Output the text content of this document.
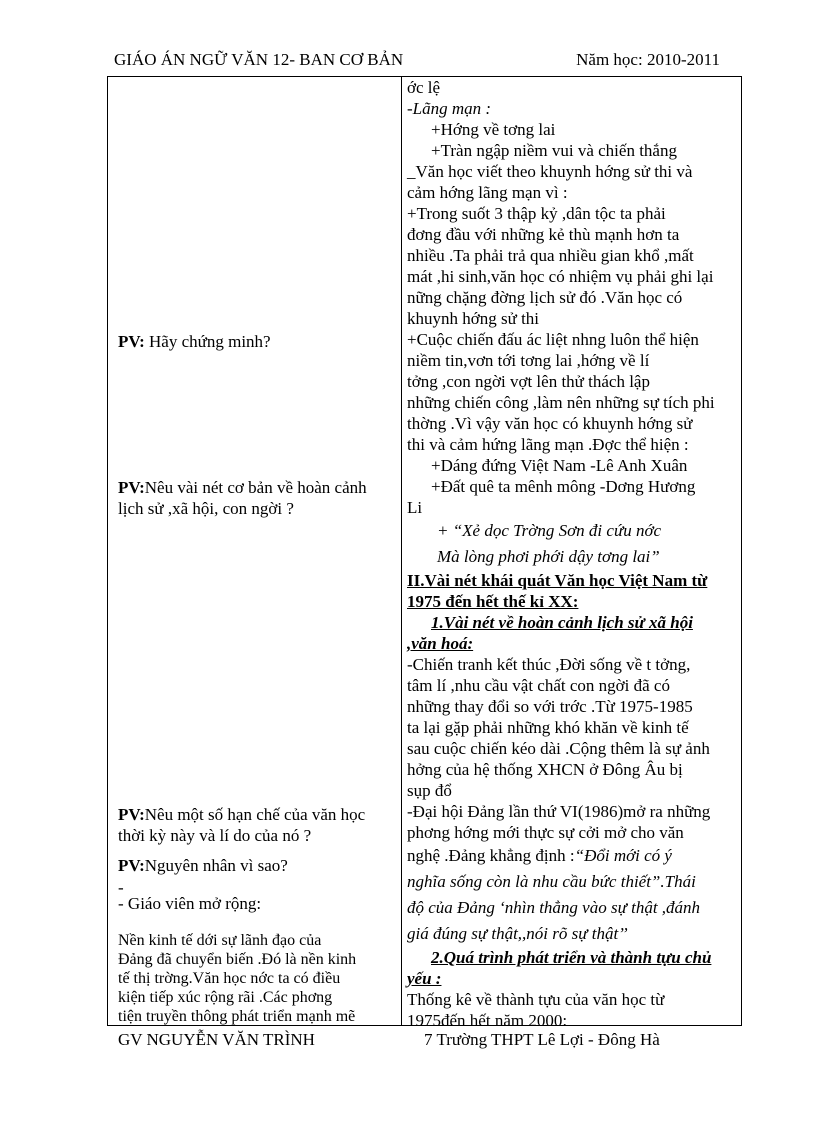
GIÁO ÁN NGỮ VĂN 12- BAN CƠ BẢN	Năm học: 2010-2011
PV: Hãy chứng minh?
PV:Nêu vài nét cơ bản về hoàn cảnh
lịch sử ,xã hội, con ngời ?
PV:Nêu một số hạn chế của văn học
thời kỳ này và lí do của nó ?
PV:Nguyên nhân vì sao?
-
- Giáo viên mở rộng:
Nền kinh tế dới sự lãnh đạo của
Đảng đã chuyển biến .Đó là nền kinh
tế thị trờng.Văn học nớc ta có điều
kiện tiếp xúc rộng rãi .Các phơng
tiện truyền thông phát triển mạnh mẽ
ớc lệ
-Lãng mạn :
+Hớng về tơng lai
+Tràn ngập niềm vui và chiến thắng
_Văn học viết theo khuynh hớng sử thi và
cảm hớng lãng mạn vì :
+Trong suốt 3 thập kỷ ,dân tộc ta phải
đơng đầu với những kẻ thù mạnh hơn ta
nhiều .Ta phải trả qua nhiều gian khổ ,mất
mát ,hi sinh,văn học có nhiệm vụ phải ghi lại
nững chặng đờng lịch sử đó .Văn học có
khuynh hớng sử thi
+Cuộc chiến đấu ác liệt nhng luôn thể hiện
niềm tin,vơn tới tơng lai ,hớng về lí
tởng ,con ngời vợt lên thử thách lập
những chiến công ,làm nên những sự tích phi
thờng .Vì vậy văn học có khuynh hớng sử
thi và cảm hứng lãng mạn .Đợc thể hiện :
+Dáng đứng Việt Nam -Lê Anh Xuân
+Đất quê ta mênh mông -Dơng Hương
Li
+ “Xẻ dọc Trờng Sơn đi cứu nớc
Mà lòng phơi phới dậy tơng lai”
II.Vài nét khái quát Văn học Việt Nam từ
1975 đến hết thế kỉ XX:
1.Vài nét về hoàn cảnh lịch sử xã hội
,văn hoá:
-Chiến tranh kết thúc ,Đời sống về t tởng,
tâm lí ,nhu cầu vật chất con ngời đã có
những thay đổi so với trớc .Từ 1975-1985
ta lại gặp phải những khó khăn về kinh tế
sau cuộc chiến kéo dài .Cộng thêm là sự ảnh
hởng của hệ thống XHCN ở Đông Âu bị
sụp đổ
-Đại hội Đảng lần thứ VI(1986)mở ra những
phơng hớng mới thực sự cởi mở cho văn
nghệ .Đảng khẳng định :“Đổi mới có ý
nghĩa sống còn là nhu cầu bức thiết”.Thái
độ của Đảng ‘nhìn thẳng vào sự thật ,đánh
giá đúng sự thật,,nói rõ sự thật’’
2.Quá trình phát triển và thành tựu chủ
yếu :
Thống kê về thành tựu của văn học từ
1975đến hết năm 2000:
GV NGUYỄN VĂN TRÌNH	7 Trường THPT Lê Lợi - Đông Hà
